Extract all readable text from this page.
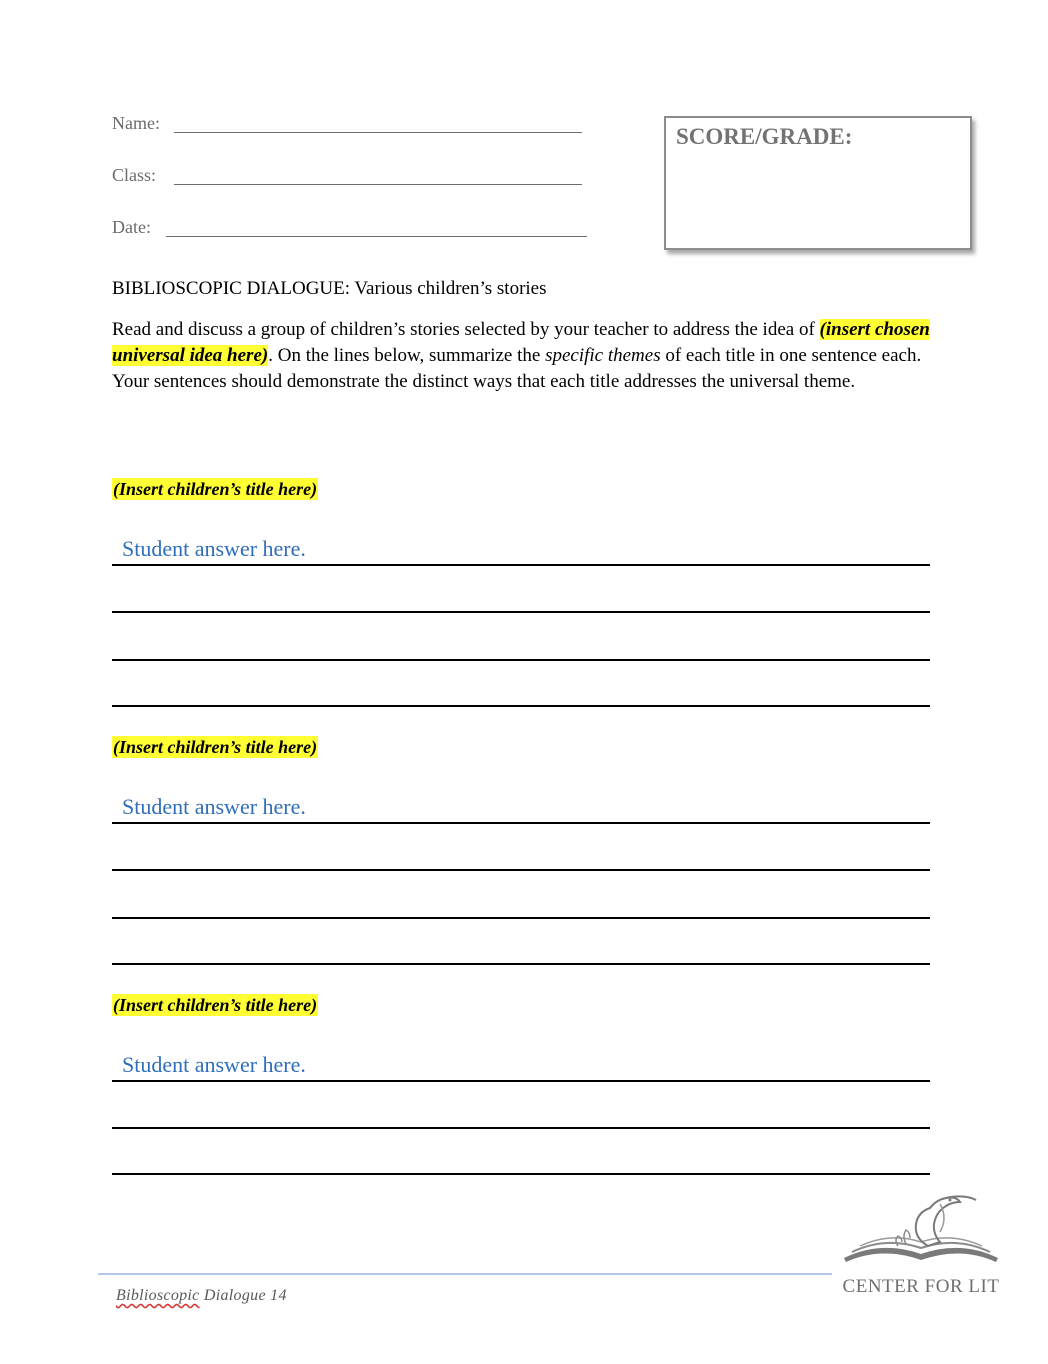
Name:
Class:
Date:
SCORE/GRADE:
BIBLIOSCOPIC DIALOGUE: Various children’s stories
Read and discuss a group of children’s stories selected by your teacher to address the idea of (insert chosen universal idea here). On the lines below, summarize the specific themes of each title in one sentence each. Your sentences should demonstrate the distinct ways that each title addresses the universal theme.
(Insert children’s title here)
Student answer here.
(Insert children’s title here)
Student answer here.
(Insert children’s title here)
Student answer here.
Biblioscopic Dialogue 14	CENTER FOR LIT
